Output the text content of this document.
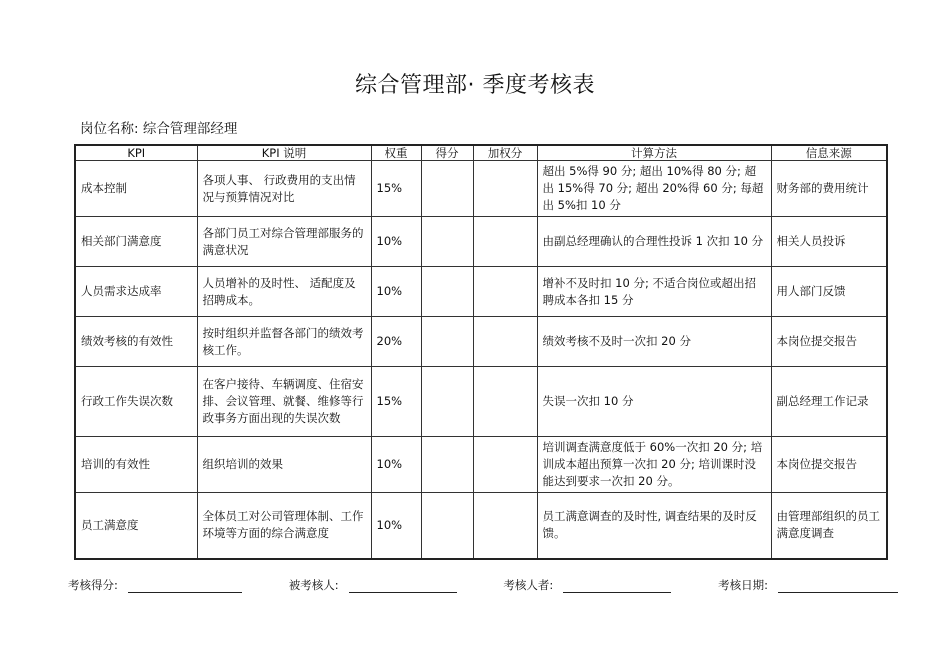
综合管理部· 季度考核表
岗位名称: 综合管理部经理
KPI	KPI 说明	权重	得分	加权分	计算方法	信息来源
成本控制	各项人事、 行政费用的支出情况与预算情况对比	15%			超出 5%得 90 分; 超出 10%得 80 分; 超出 15%得 70 分; 超出 20%得 60 分; 每超出 5%扣 10 分	财务部的费用统计
相关部门满意度	各部门员工对综合管理部服务的满意状况	10%			由副总经理确认的合理性投诉 1 次扣 10 分	相关人员投诉
人员需求达成率	人员增补的及时性、 适配度及招聘成本。	10%			增补不及时扣 10 分; 不适合岗位或超出招聘成本各扣 15 分	用人部门反馈
绩效考核的有效性	按时组织并监督各部门的绩效考核工作。	20%			绩效考核不及时一次扣 20 分	本岗位提交报告
行政工作失误次数	在客户接待、车辆调度、住宿安排、会议管理、就餐、维修等行政事务方面出现的失误次数	15%			失误一次扣 10 分	副总经理工作记录
培训的有效性	组织培训的效果	10%			培训调查满意度低于 60%一次扣 20 分; 培训成本超出预算一次扣 20 分; 培训课时没能达到要求一次扣 20 分。	本岗位提交报告
员工满意度	全体员工对公司管理体制、工作环境等方面的综合满意度	10%			员工满意调查的及时性, 调查结果的及时反馈。	由管理部组织的员工满意度调查
考核得分:	被考核人:	考核人者:	考核日期:
